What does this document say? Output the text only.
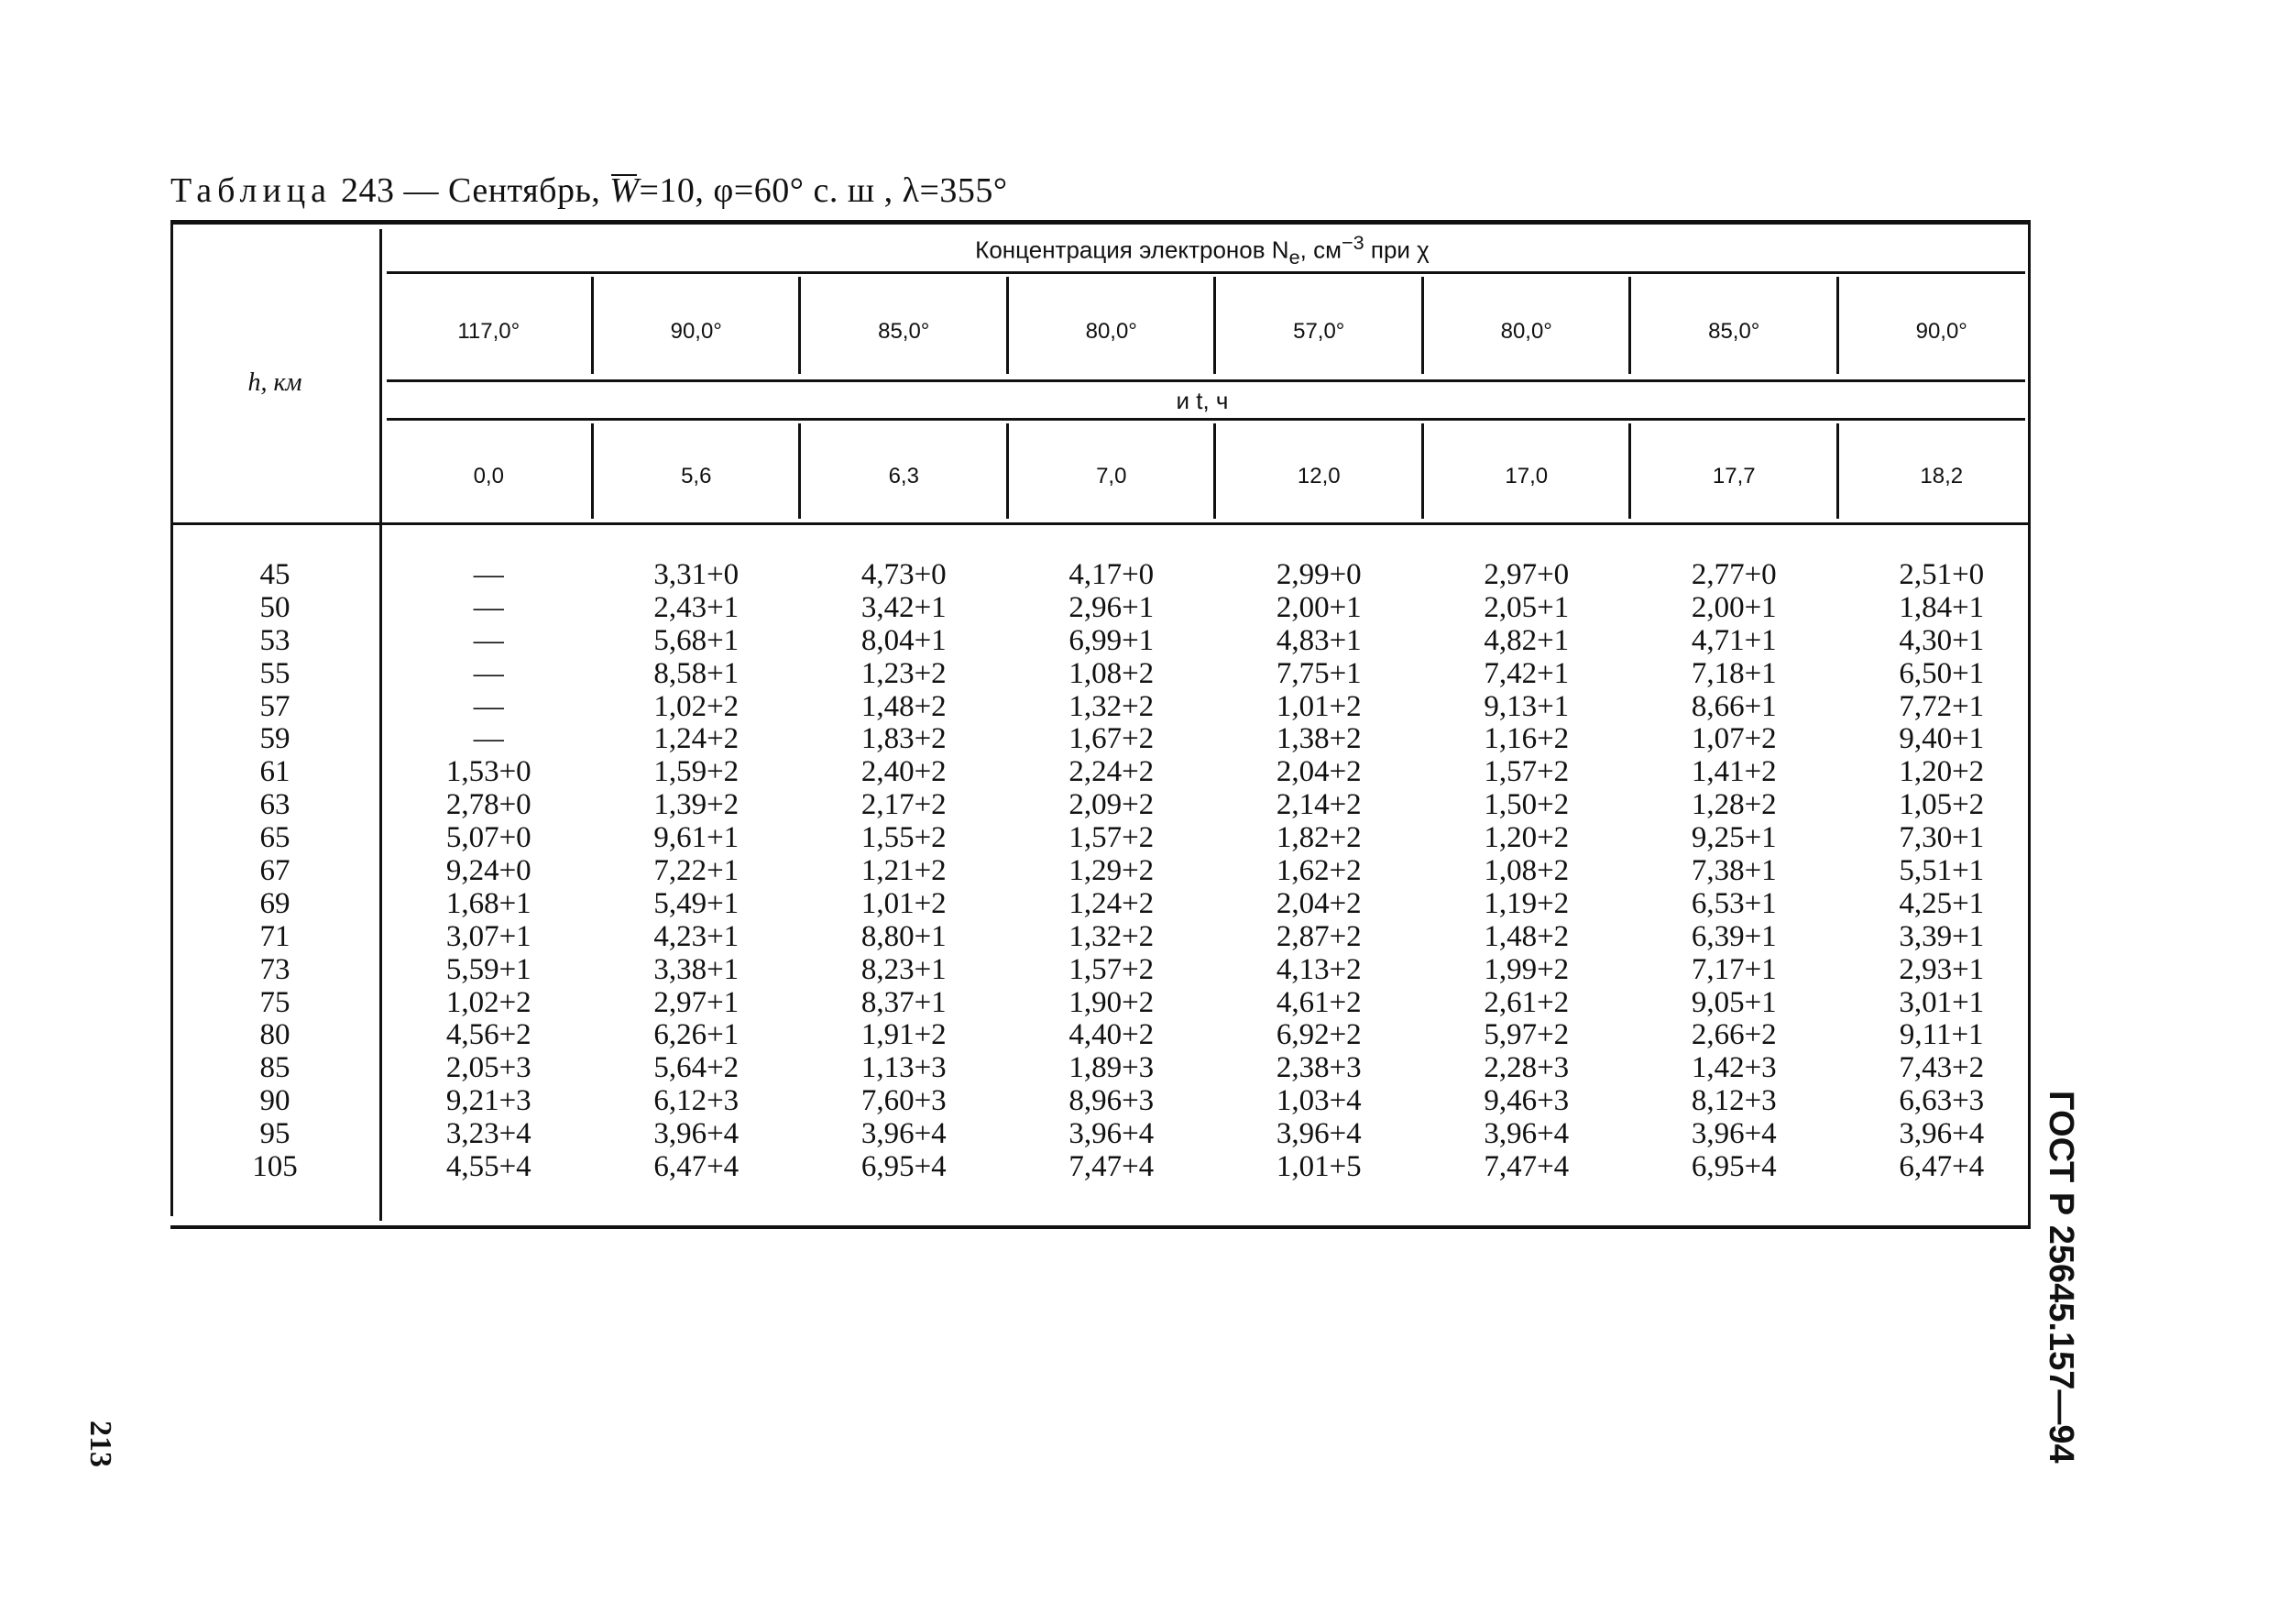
Таблица 243 — Сентябрь, W=10, φ=60° с. ш , λ=355°
Концентрация электронов $N_e$, $см^{-3}$ при χ
и t, ч
h, км
117,0°
0,0
90,0°
5,6
85,0°
6,3
80,0°
7,0
57,0°
12,0
80,0°
17,0
85,0°
17,7
90,0°
18,2
45
50
53
55
57
59
61
63
65
67
69
71
73
75
80
85
90
95
105
—
—
—
—
—
—
1,53+0
2,78+0
5,07+0
9,24+0
1,68+1
3,07+1
5,59+1
1,02+2
4,56+2
2,05+3
9,21+3
3,23+4
4,55+4
3,31+0
2,43+1
5,68+1
8,58+1
1,02+2
1,24+2
1,59+2
1,39+2
9,61+1
7,22+1
5,49+1
4,23+1
3,38+1
2,97+1
6,26+1
5,64+2
6,12+3
3,96+4
6,47+4
4,73+0
3,42+1
8,04+1
1,23+2
1,48+2
1,83+2
2,40+2
2,17+2
1,55+2
1,21+2
1,01+2
8,80+1
8,23+1
8,37+1
1,91+2
1,13+3
7,60+3
3,96+4
6,95+4
4,17+0
2,96+1
6,99+1
1,08+2
1,32+2
1,67+2
2,24+2
2,09+2
1,57+2
1,29+2
1,24+2
1,32+2
1,57+2
1,90+2
4,40+2
1,89+3
8,96+3
3,96+4
7,47+4
2,99+0
2,00+1
4,83+1
7,75+1
1,01+2
1,38+2
2,04+2
2,14+2
1,82+2
1,62+2
2,04+2
2,87+2
4,13+2
4,61+2
6,92+2
2,38+3
1,03+4
3,96+4
1,01+5
2,97+0
2,05+1
4,82+1
7,42+1
9,13+1
1,16+2
1,57+2
1,50+2
1,20+2
1,08+2
1,19+2
1,48+2
1,99+2
2,61+2
5,97+2
2,28+3
9,46+3
3,96+4
7,47+4
2,77+0
2,00+1
4,71+1
7,18+1
8,66+1
1,07+2
1,41+2
1,28+2
9,25+1
7,38+1
6,53+1
6,39+1
7,17+1
9,05+1
2,66+2
1,42+3
8,12+3
3,96+4
6,95+4
2,51+0
1,84+1
4,30+1
6,50+1
7,72+1
9,40+1
1,20+2
1,05+2
7,30+1
5,51+1
4,25+1
3,39+1
2,93+1
3,01+1
9,11+1
7,43+2
6,63+3
3,96+4
6,47+4	ГОСТ Р 25645.157—94
213
